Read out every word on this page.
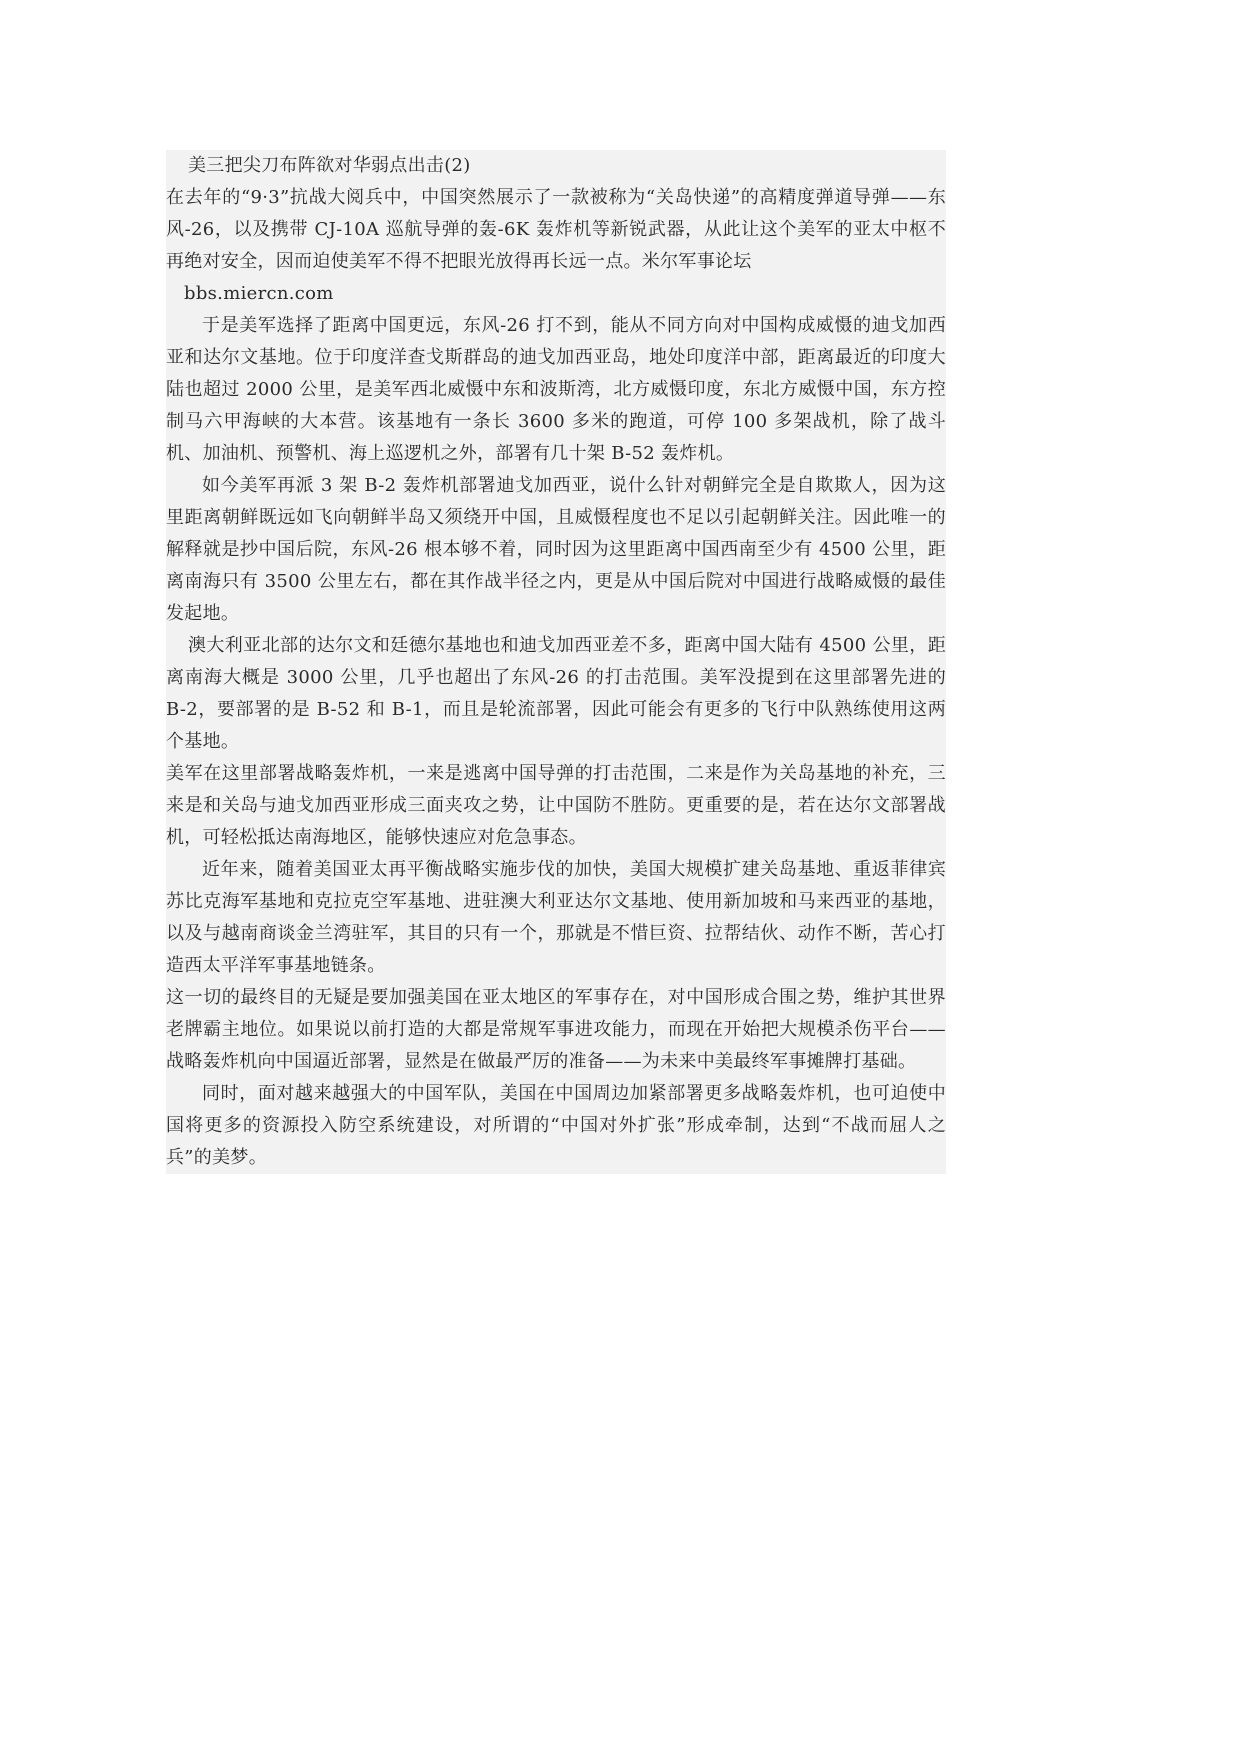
美三把尖刀布阵欲对华弱点出击(2)

在去年的“9·3”抗战大阅兵中，中国突然展示了一款被称为“关岛快递”的高精度弹道导弹——东风-26，以及携带 CJ-10A 巡航导弹的轰-6K 轰炸机等新锐武器，从此让这个美军的亚太中枢不再绝对安全，因而迫使美军不得不把眼光放得再长远一点。米尔军事论坛

bbs.miercn.com

于是美军选择了距离中国更远，东风-26 打不到，能从不同方向对中国构成威慑的迪戈加西亚和达尔文基地。位于印度洋查戈斯群岛的迪戈加西亚岛，地处印度洋中部，距离最近的印度大陆也超过 2000 公里，是美军西北威慑中东和波斯湾，北方威慑印度，东北方威慑中国，东方控制马六甲海峡的大本营。该基地有一条长 3600 多米的跑道，可停 100 多架战机，除了战斗机、加油机、预警机、海上巡逻机之外，部署有几十架 B-52 轰炸机。

如今美军再派 3 架 B-2 轰炸机部署迪戈加西亚，说什么针对朝鲜完全是自欺欺人，因为这里距离朝鲜既远如飞向朝鲜半岛又须绕开中国，且威慑程度也不足以引起朝鲜关注。因此唯一的解释就是抄中国后院，东风-26 根本够不着，同时因为这里距离中国西南至少有 4500 公里，距离南海只有 3500 公里左右，都在其作战半径之内，更是从中国后院对中国进行战略威慑的最佳发起地。

澳大利亚北部的达尔文和廷德尔基地也和迪戈加西亚差不多，距离中国大陆有 4500 公里，距离南海大概是 3000 公里，几乎也超出了东风-26 的打击范围。美军没提到在这里部署先进的 B-2，要部署的是 B-52 和 B-1，而且是轮流部署，因此可能会有更多的飞行中队熟练使用这两个基地。

美军在这里部署战略轰炸机，一来是逃离中国导弹的打击范围，二来是作为关岛基地的补充，三来是和关岛与迪戈加西亚形成三面夹攻之势，让中国防不胜防。更重要的是，若在达尔文部署战机，可轻松抵达南海地区，能够快速应对危急事态。

近年来，随着美国亚太再平衡战略实施步伐的加快，美国大规模扩建关岛基地、重返菲律宾苏比克海军基地和克拉克空军基地、进驻澳大利亚达尔文基地、使用新加坡和马来西亚的基地，以及与越南商谈金兰湾驻军，其目的只有一个，那就是不惜巨资、拉帮结伙、动作不断，苦心打造西太平洋军事基地链条。

这一切的最终目的无疑是要加强美国在亚太地区的军事存在，对中国形成合围之势，维护其世界老牌霸主地位。如果说以前打造的大都是常规军事进攻能力，而现在开始把大规模杀伤平台——战略轰炸机向中国逼近部署，显然是在做最严厉的准备——为未来中美最终军事摊牌打基础。

同时，面对越来越强大的中国军队，美国在中国周边加紧部署更多战略轰炸机，也可迫使中国将更多的资源投入防空系统建设，对所谓的“中国对外扩张”形成牵制，达到“不战而屈人之兵”的美梦。
